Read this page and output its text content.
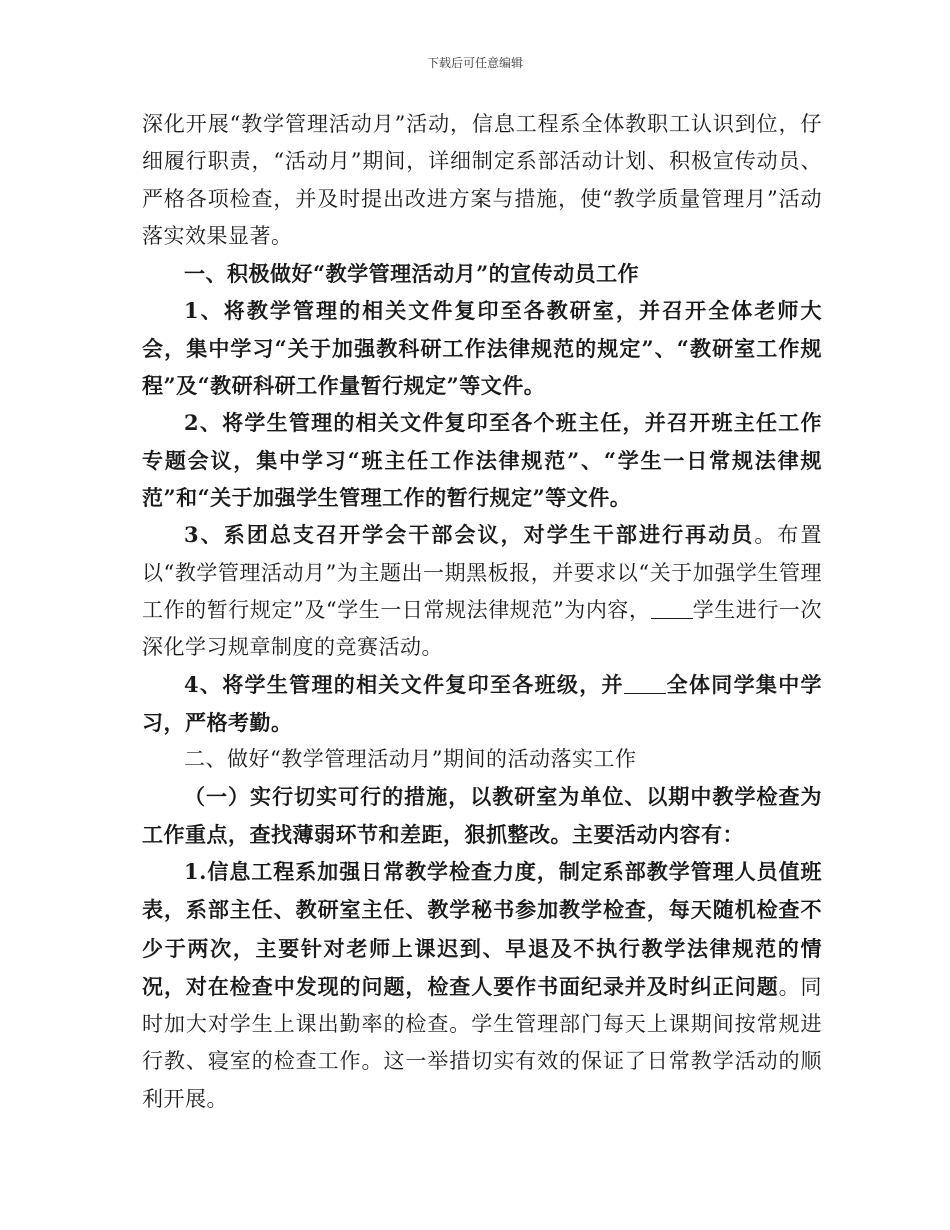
下载后可任意编辑

深化开展“教学管理活动月”活动，信息工程系全体教职工认识到位，仔细履行职责，“活动月”期间，详细制定系部活动计划、积极宣传动员、严格各项检查，并及时提出改进方案与措施，使“教学质量管理月”活动落实效果显著。

一、积极做好“教学管理活动月”的宣传动员工作

1、将教学管理的相关文件复印至各教研室，并召开全体老师大会，集中学习“关于加强教科研工作法律规范的规定”、“教研室工作规程”及“教研科研工作量暂行规定”等文件。

2、将学生管理的相关文件复印至各个班主任，并召开班主任工作专题会议，集中学习“班主任工作法律规范”、“学生一日常规法律规范”和“关于加强学生管理工作的暂行规定”等文件。

3、系团总支召开学会干部会议，对学生干部进行再动员。布置以“教学管理活动月”为主题出一期黑板报，并要求以“关于加强学生管理工作的暂行规定”及“学生一日常规法律规范”为内容， 学生进行一次深化学习规章制度的竞赛活动。

4、将学生管理的相关文件复印至各班级，并 全体同学集中学习，严格考勤。

二、做好“教学管理活动月”期间的活动落实工作

（一）实行切实可行的措施，以教研室为单位、以期中教学检查为工作重点，查找薄弱环节和差距，狠抓整改。主要活动内容有：

1.信息工程系加强日常教学检查力度，制定系部教学管理人员值班表，系部主任、教研室主任、教学秘书参加教学检查，每天随机检查不少于两次，主要针对老师上课迟到、早退及不执行教学法律规范的情况，对在检查中发现的问题，检查人要作书面纪录并及时纠正问题。同时加大对学生上课出勤率的检查。学生管理部门每天上课期间按常规进行教、寝室的检查工作。这一举措切实有效的保证了日常教学活动的顺利开展。
